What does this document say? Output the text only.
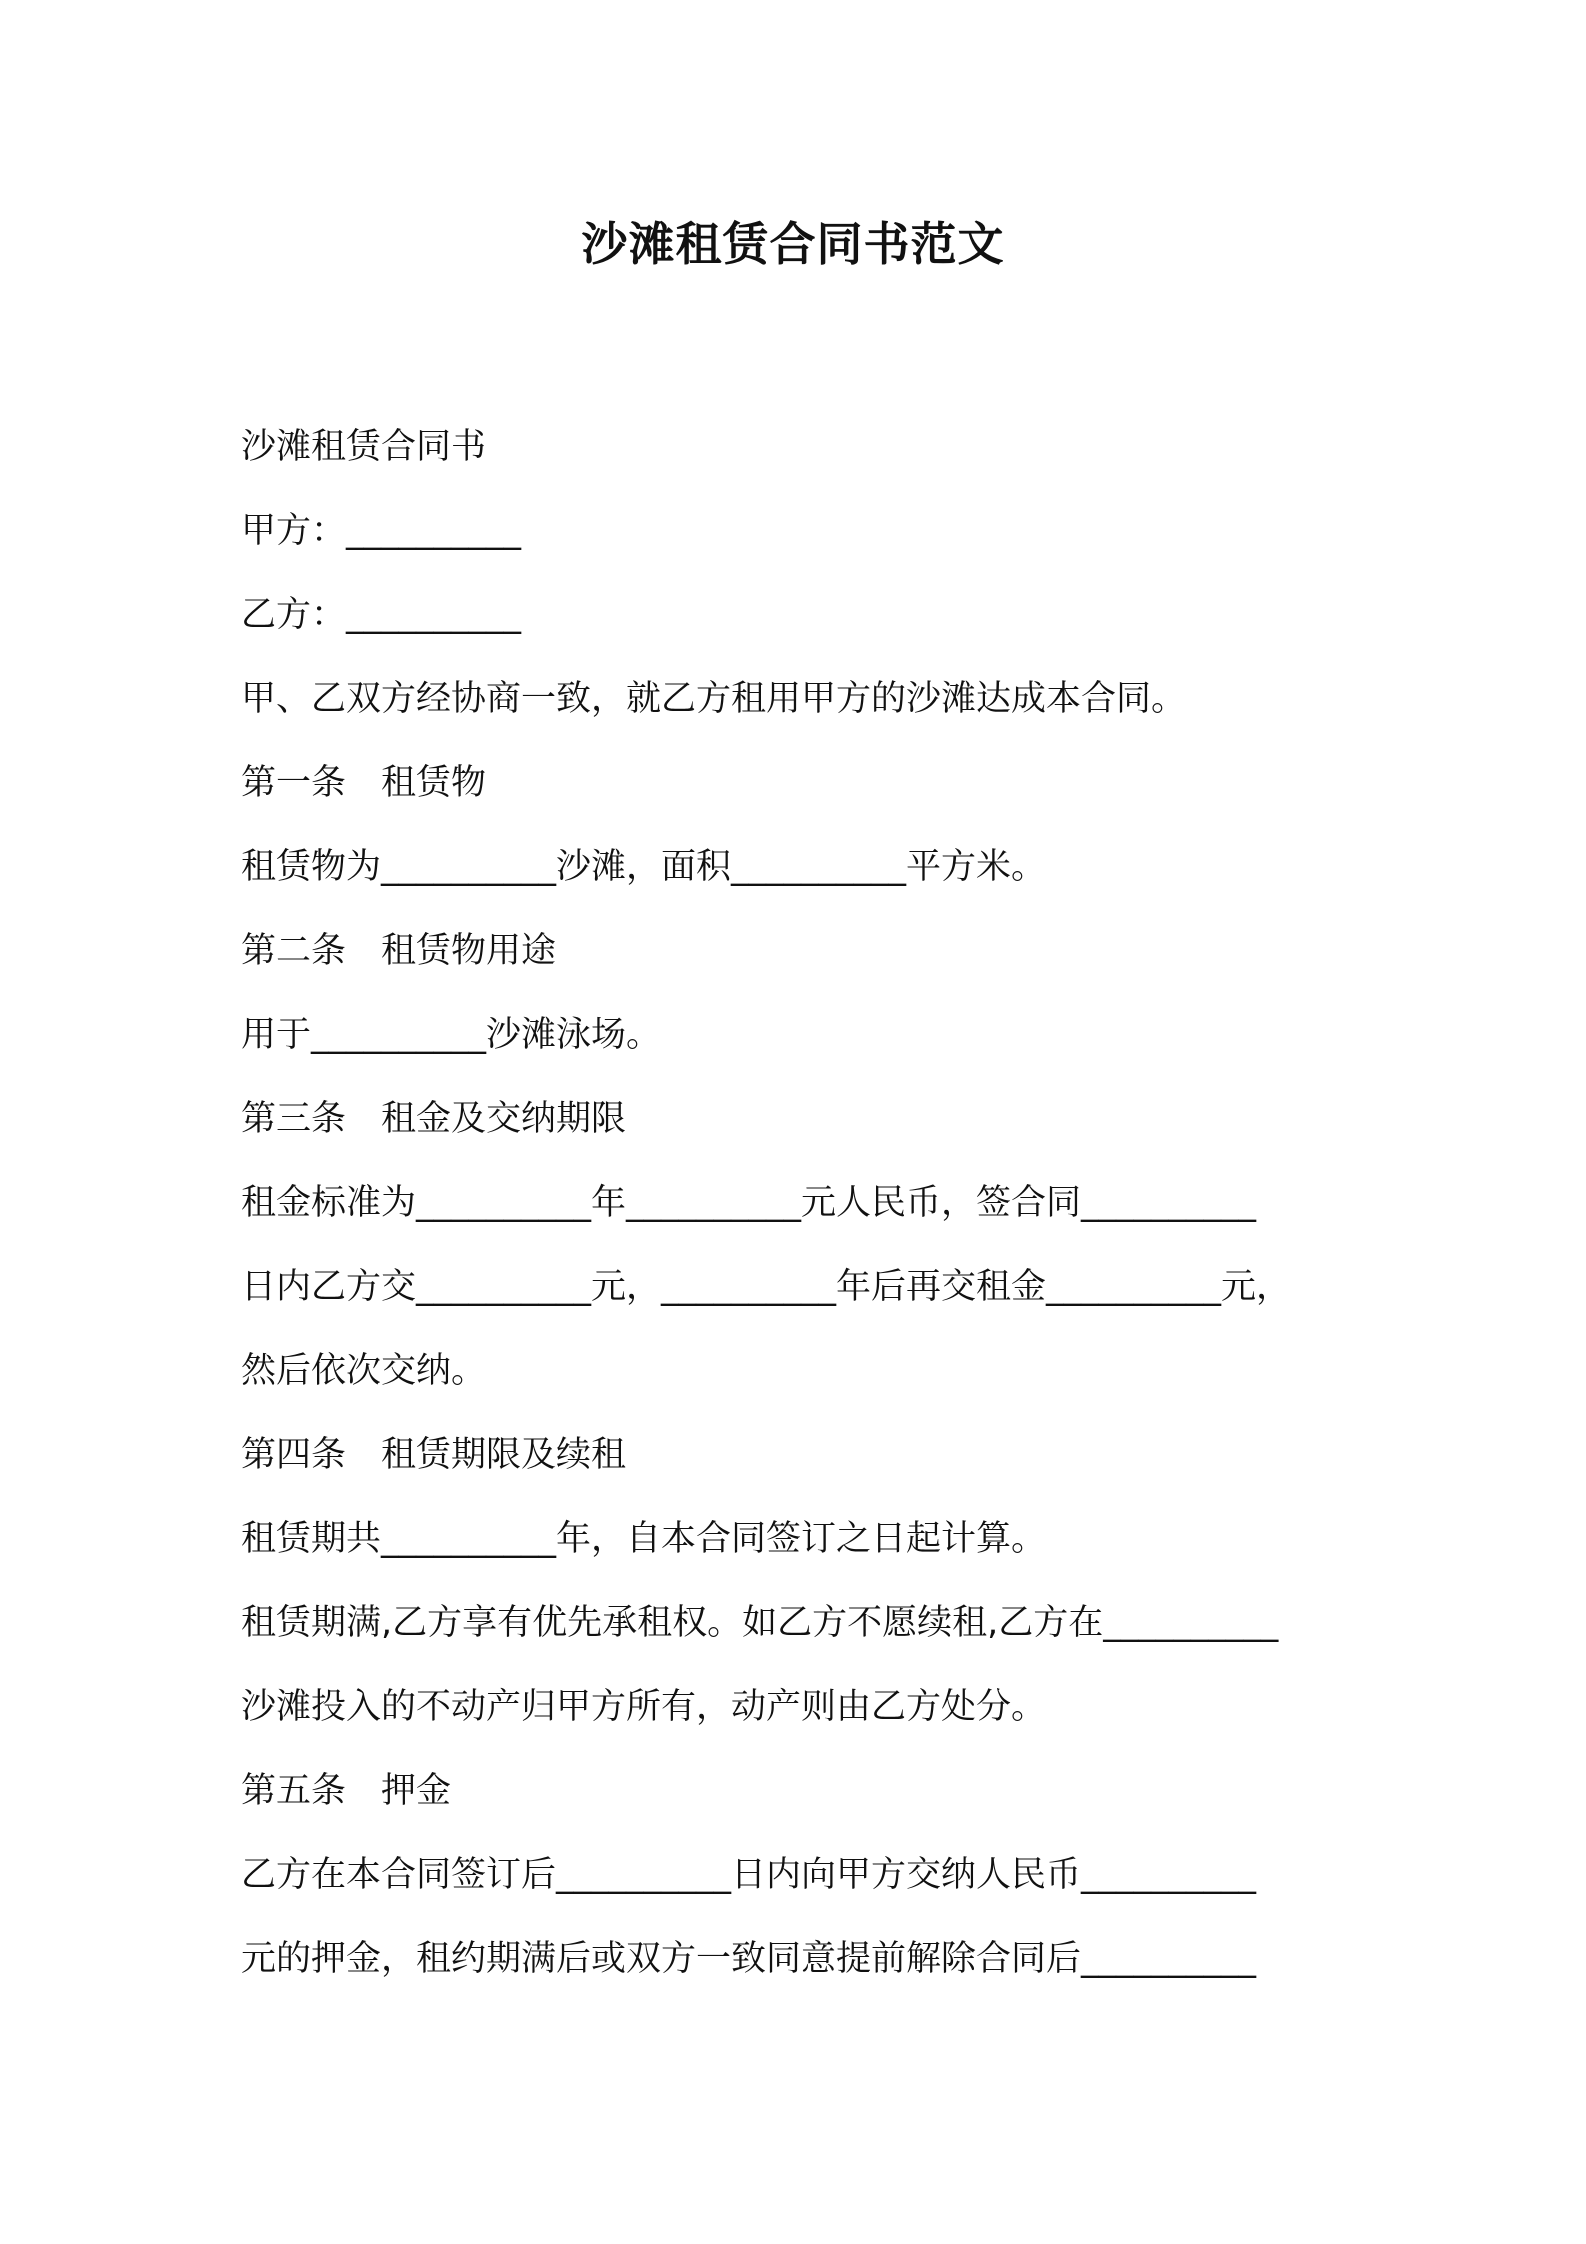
沙滩租赁合同书范文

沙滩租赁合同书

甲方：__________

乙方：__________

甲、乙双方经协商一致，就乙方租用甲方的沙滩达成本合同。

第一条　租赁物

租赁物为__________沙滩，面积__________平方米。

第二条　租赁物用途

用于__________沙滩泳场。

第三条　租金及交纳期限

租金标准为__________年__________元人民币，签合同__________

日内乙方交__________元，__________年后再交租金__________元，

然后依次交纳。

第四条　租赁期限及续租

租赁期共__________年，自本合同签订之日起计算。

租赁期满,乙方享有优先承租权。如乙方不愿续租,乙方在__________

沙滩投入的不动产归甲方所有，动产则由乙方处分。

第五条　押金

乙方在本合同签订后__________日内向甲方交纳人民币__________

元的押金，租约期满后或双方一致同意提前解除合同后__________
